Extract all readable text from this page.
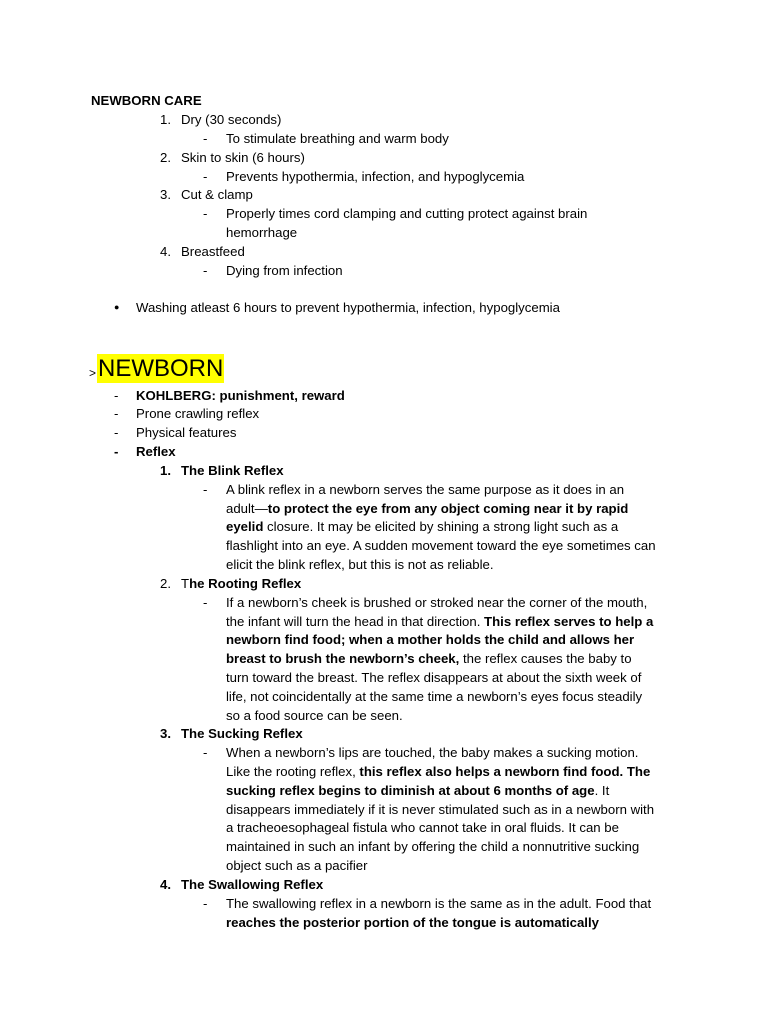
NEWBORN CARE
1. Dry (30 seconds)
- To stimulate breathing and warm body
2. Skin to skin (6 hours)
- Prevents hypothermia, infection, and hypoglycemia
3. Cut & clamp
- Properly times cord clamping and cutting protect against brain
hemorrhage
4. Breastfeed
- Dying from infection
● Washing atleast 6 hours to prevent hypothermia, infection, hypoglycemia
> NEWBORN
- KOHLBERG: punishment, reward
- Prone crawling reflex
- Physical features
- Reflex
1. The Blink Reflex
- A blink reflex in a newborn serves the same purpose as it does in an
adult—to protect the eye from any object coming near it by rapid
eyelid closure. It may be elicited by shining a strong light such as a
flashlight into an eye. A sudden movement toward the eye sometimes can
elicit the blink reflex, but this is not as reliable.
2. The Rooting Reflex
- If a newborn’s cheek is brushed or stroked near the corner of the mouth,
the infant will turn the head in that direction. This reflex serves to help a
newborn find food; when a mother holds the child and allows her
breast to brush the newborn’s cheek, the reflex causes the baby to
turn toward the breast. The reflex disappears at about the sixth week of
life, not coincidentally at the same time a newborn’s eyes focus steadily
so a food source can be seen.
3. The Sucking Reflex
- When a newborn’s lips are touched, the baby makes a sucking motion.
Like the rooting reflex, this reflex also helps a newborn find food. The
sucking reflex begins to diminish at about 6 months of age. It
disappears immediately if it is never stimulated such as in a newborn with
a tracheoesophageal fistula who cannot take in oral fluids. It can be
maintained in such an infant by offering the child a nonnutritive sucking
object such as a pacifier
4. The Swallowing Reflex
- The swallowing reflex in a newborn is the same as in the adult. Food that
reaches the posterior portion of the tongue is automatically
